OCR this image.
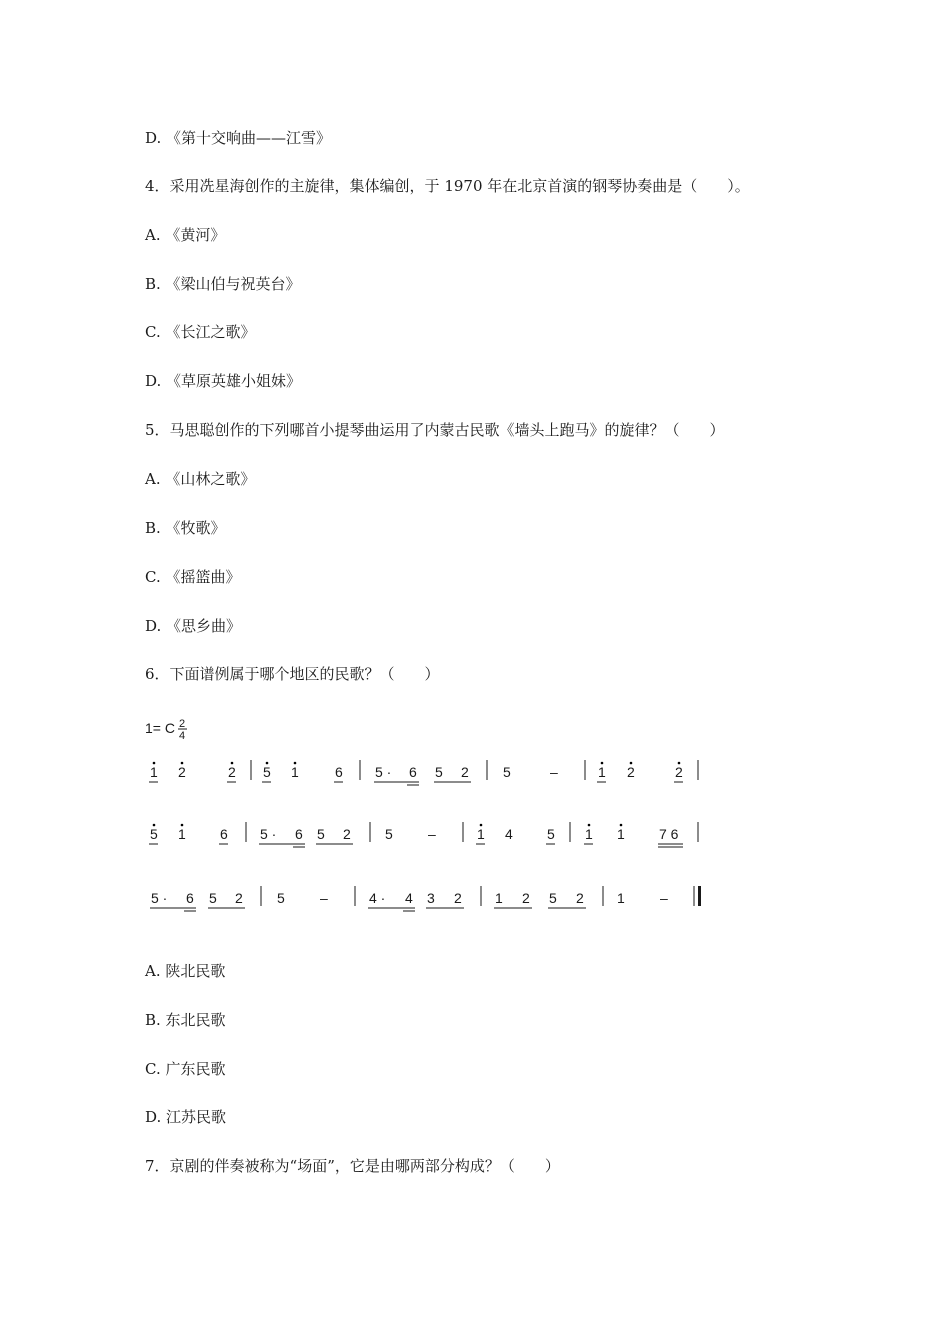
D. 《第十交响曲——江雪》
4．采用冼星海创作的主旋律，集体编创，于 1970 年在北京首演的钢琴协奏曲是（　　）。
A. 《黄河》
B. 《梁山伯与祝英台》
C. 《长江之歌》
D. 《草原英雄小姐妹》
5．马思聪创作的下列哪首小提琴曲运用了内蒙古民歌《墙头上跑马》的旋律？（　　）
A. 《山林之歌》
B. 《牧歌》
C. 《摇篮曲》
D. 《思乡曲》
6．下面谱例属于哪个地区的民歌？（　　）
1= C 2
4
1 2	2 5 1	6 5 · 6 5 2 5	–	1 2	2
5 1 6 5 · 6 5 2 5	–	1 4 5 1 1 7 6
5 · 6 5 2 5	–	4 · 4 3 2 1 2 5 2 1	–
A. 陕北民歌
B. 东北民歌
C. 广东民歌
D. 江苏民歌
7．京剧的伴奏被称为“场面”，它是由哪两部分构成？（　　）
